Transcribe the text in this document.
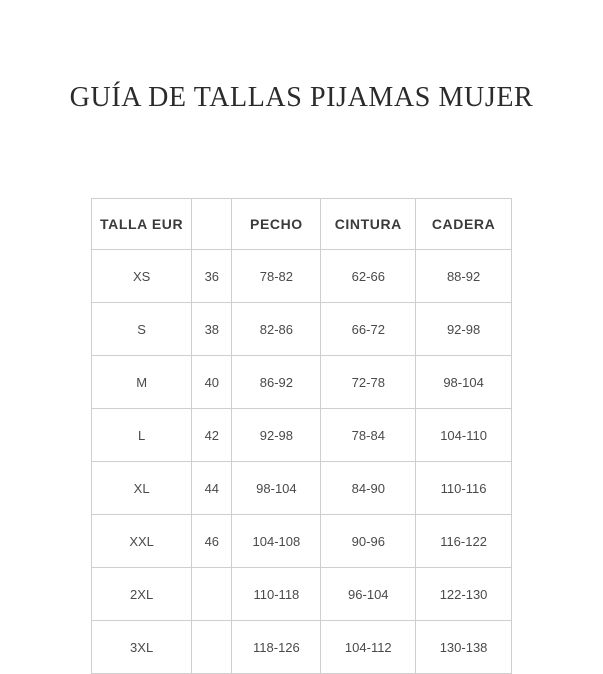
GUÍA DE TALLAS PIJAMAS MUJER
TALLA EUR		PECHO	CINTURA	CADERA
XS	36	78-82	62-66	88-92
S	38	82-86	66-72	92-98
M	40	86-92	72-78	98-104
L	42	92-98	78-84	104-110
XL	44	98-104	84-90	110-116
XXL	46	104-108	90-96	116-122
2XL		110-118	96-104	122-130
3XL		118-126	104-112	130-138
